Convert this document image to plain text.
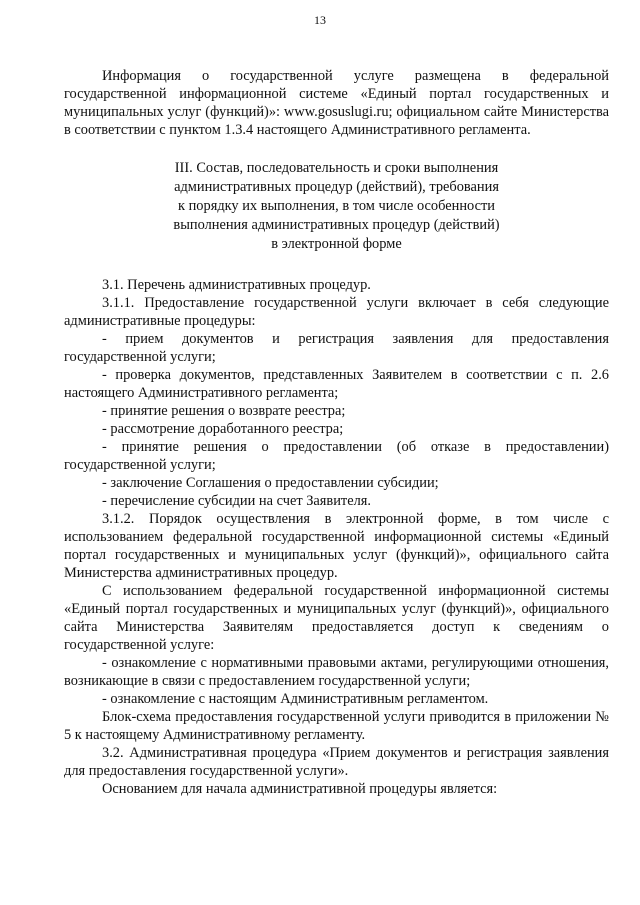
13

Информация о государственной услуге размещена в федеральной государственной информационной системе «Единый портал государственных и муниципальных услуг (функций)»: www.gosuslugi.ru; официальном сайте Министерства в соответствии с пунктом 1.3.4 настоящего Административного регламента.

III. Состав, последовательность и сроки выполнения
административных процедур (действий), требования
к порядку их выполнения, в том числе особенности
выполнения административных процедур (действий)
в электронной форме

3.1. Перечень административных процедур.

3.1.1. Предоставление государственной услуги включает в себя следующие административные процедуры:

- прием документов и регистрация заявления для предоставления государственной услуги;

- проверка документов, представленных Заявителем в соответствии с п. 2.6 настоящего Административного регламента;

- принятие решения о возврате реестра;

- рассмотрение доработанного реестра;

- принятие решения о предоставлении (об отказе в предоставлении) государственной услуги;

- заключение Соглашения о предоставлении субсидии;

- перечисление субсидии на счет Заявителя.

3.1.2. Порядок осуществления в электронной форме, в том числе с использованием федеральной государственной информационной системы «Единый портал государственных и муниципальных услуг (функций)», официального сайта Министерства административных процедур.

С использованием федеральной государственной информационной системы «Единый портал государственных и муниципальных услуг (функций)», официального сайта Министерства Заявителям предоставляется доступ к сведениям о государственной услуге:

- ознакомление с нормативными правовыми актами, регулирующими отношения, возникающие в связи с предоставлением государственной услуги;

- ознакомление с настоящим Административным регламентом.

Блок-схема предоставления государственной услуги приводится в приложении № 5 к настоящему Административному регламенту.

3.2. Административная процедура «Прием документов и регистрация заявления для предоставления государственной услуги».

Основанием для начала административной процедуры является:
